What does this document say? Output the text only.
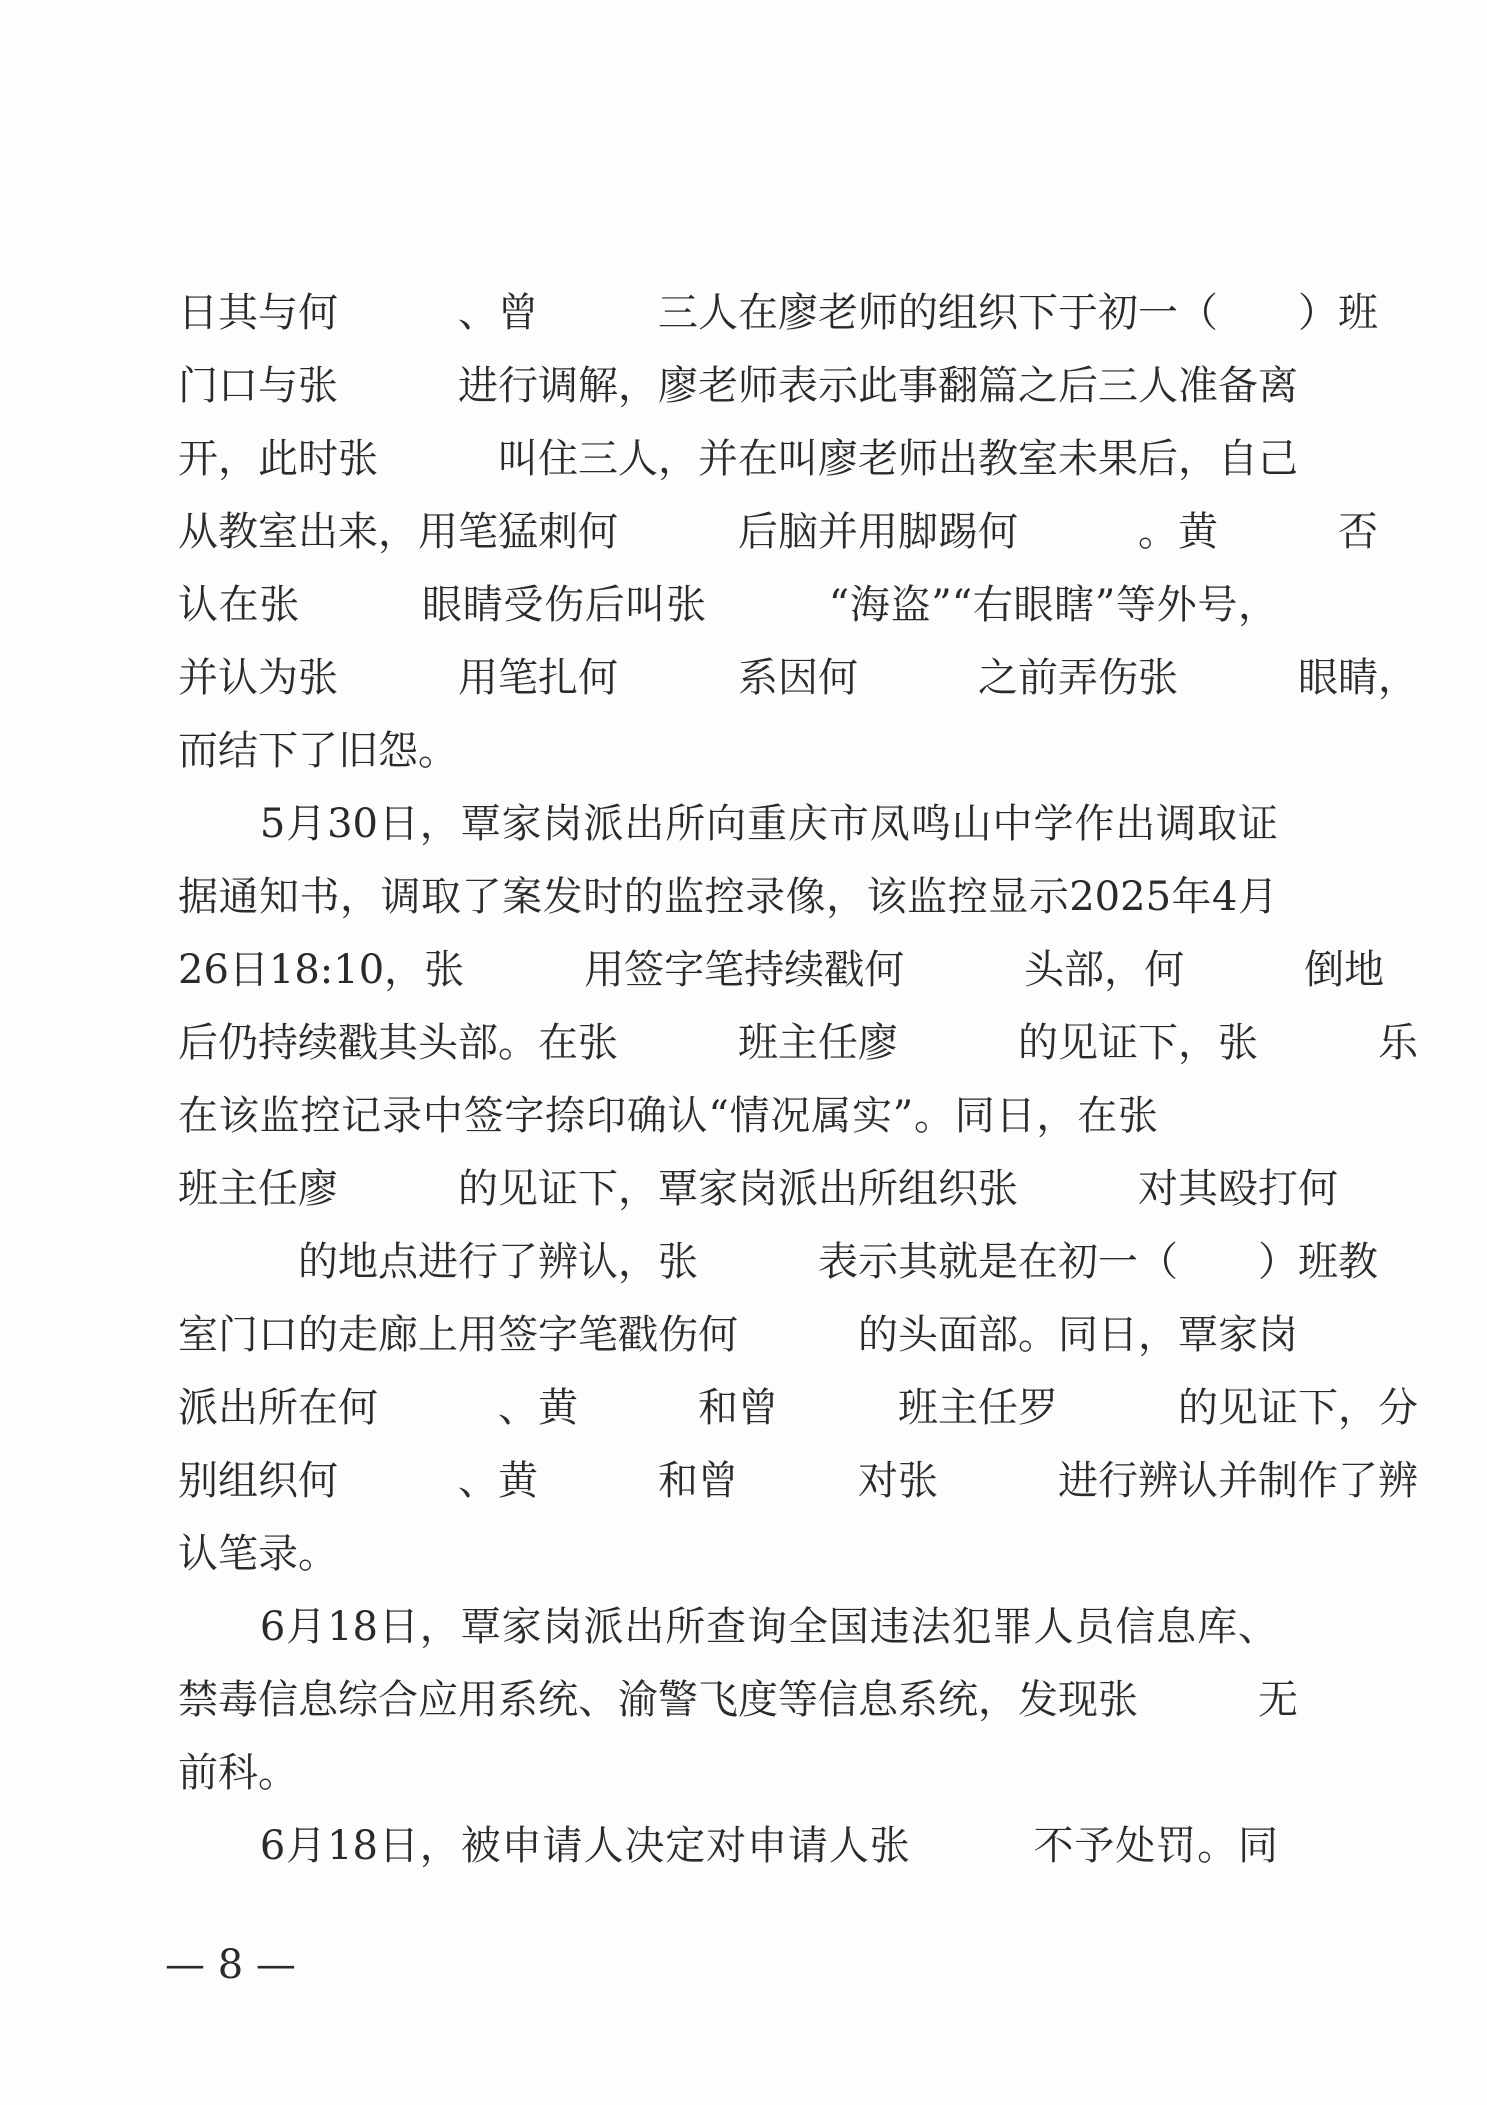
日其与何　　　、曾　　　三人在廖老师的组织下于初一（　　）班
门口与张　　　进行调解，廖老师表示此事翻篇之后三人准备离
开，此时张　　　叫住三人，并在叫廖老师出教室未果后，自己
从教室出来，用笔猛刺何　　　后脑并用脚踢何　　　。黄　　　否
认在张　　　眼睛受伤后叫张　　　“海盗”“右眼瞎”等外号，
并认为张　　　用笔扎何　　　系因何　　　之前弄伤张　　　眼睛，
而结下了旧怨。
　　5月30日，覃家岗派出所向重庆市凤鸣山中学作出调取证
据通知书，调取了案发时的监控录像，该监控显示2025年4月
26日18:10，张　　　用签字笔持续戳何　　　头部，何　　　倒地
后仍持续戳其头部。在张　　　班主任廖　　　的见证下，张　　　乐
在该监控记录中签字捺印确认“情况属实”。同日，在张　　　
班主任廖　　　的见证下，覃家岗派出所组织张　　　对其殴打何
　　　的地点进行了辨认，张　　　表示其就是在初一（　　）班教
室门口的走廊上用签字笔戳伤何　　　的头面部。同日，覃家岗
派出所在何　　　、黄　　　和曾　　　班主任罗　　　的见证下，分
别组织何　　　、黄　　　和曾　　　对张　　　进行辨认并制作了辨
认笔录。
　　6月18日，覃家岗派出所查询全国违法犯罪人员信息库、
禁毒信息综合应用系统、渝警飞度等信息系统，发现张　　　无
前科。
　　6月18日，被申请人决定对申请人张　　　不予处罚。同
— 8 —
